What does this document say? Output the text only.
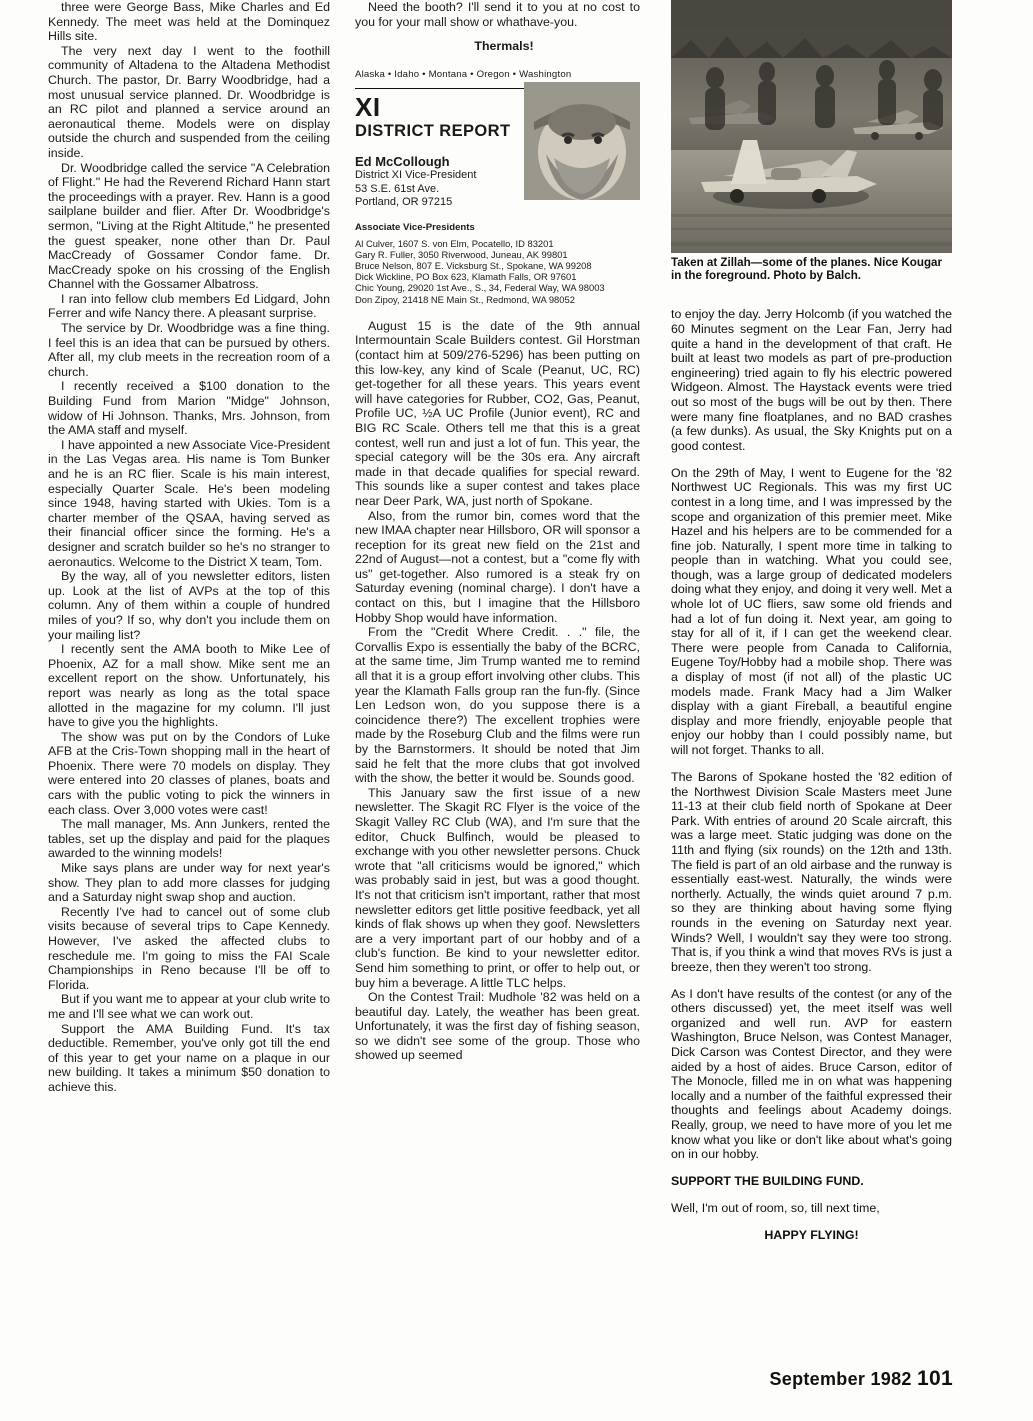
Taken at Zillah—some of the planes. Nice Kougar in the foreground. Photo by Balch.

three were George Bass, Mike Charles and Ed Kennedy. The meet was held at the Dominquez Hills site.

The very next day I went to the foothill community of Altadena to the Altadena Methodist Church. The pastor, Dr. Barry Woodbridge, had a most unusual service planned. Dr. Woodbridge is an RC pilot and planned a service around an aeronautical theme. Models were on display outside the church and suspended from the ceiling inside.

Dr. Woodbridge called the service "A Celebration of Flight." He had the Reverend Richard Hann start the proceedings with a prayer. Rev. Hann is a good sailplane builder and flier. After Dr. Woodbridge's sermon, "Living at the Right Altitude," he presented the guest speaker, none other than Dr. Paul MacCready of Gossamer Condor fame. Dr. MacCready spoke on his crossing of the English Channel with the Gossamer Albatross.

I ran into fellow club members Ed Lidgard, John Ferrer and wife Nancy there. A pleasant surprise.

The service by Dr. Woodbridge was a fine thing. I feel this is an idea that can be pursued by others. After all, my club meets in the recreation room of a church.

I recently received a $100 donation to the Building Fund from Marion "Midge" Johnson, widow of Hi Johnson. Thanks, Mrs. Johnson, from the AMA staff and myself.

I have appointed a new Associate Vice-President in the Las Vegas area. His name is Tom Bunker and he is an RC flier. Scale is his main interest, especially Quarter Scale. He's been modeling since 1948, having started with Ukies. Tom is a charter member of the QSAA, having served as their financial officer since the forming. He's a designer and scratch builder so he's no stranger to aeronautics. Welcome to the District X team, Tom.

By the way, all of you newsletter editors, listen up. Look at the list of AVPs at the top of this column. Any of them within a couple of hundred miles of you? If so, why don't you include them on your mailing list?

I recently sent the AMA booth to Mike Lee of Phoenix, AZ for a mall show. Mike sent me an excellent report on the show. Unfortunately, his report was nearly as long as the total space allotted in the magazine for my column. I'll just have to give you the highlights.

The show was put on by the Condors of Luke AFB at the Cris-Town shopping mall in the heart of Phoenix. There were 70 models on display. They were entered into 20 classes of planes, boats and cars with the public voting to pick the winners in each class. Over 3,000 votes were cast!

The mall manager, Ms. Ann Junkers, rented the tables, set up the display and paid for the plaques awarded to the winning models!

Mike says plans are under way for next year's show. They plan to add more classes for judging and a Saturday night swap shop and auction.

Recently I've had to cancel out of some club visits because of several trips to Cape Kennedy. However, I've asked the affected clubs to reschedule me. I'm going to miss the FAI Scale Championships in Reno because I'll be off to Florida.

But if you want me to appear at your club write to me and I'll see what we can work out.

Support the AMA Building Fund. It's tax deductible. Remember, you've only got till the end of this year to get your name on a plaque in our new building. It takes a minimum $50 donation to achieve this.

Need the booth? I'll send it to you at no cost to you for your mall show or whathave-you.

Thermals!

Alaska • Idaho • Montana • Oregon • Washington
XI
DISTRICT REPORT
Ed McCollough
District XI Vice-President
53 S.E. 61st Ave.
Portland, OR 97215
Associate Vice-Presidents
Al Culver, 1607 S. von Elm, Pocatello, ID 83201
Gary R. Fuller, 3050 Riverwood, Juneau, AK 99801
Bruce Nelson, 807 E. Vicksburg St., Spokane, WA 99208
Dick Wickline, PO Box 623, Klamath Falls, OR 97601
Chic Young, 29020 1st Ave., S., 34, Federal Way, WA 98003
Don Zipoy, 21418 NE Main St., Redmond, WA 98052

August 15 is the date of the 9th annual Intermountain Scale Builders contest. Gil Horstman (contact him at 509/276-5296) has been putting on this low-key, any kind of Scale (Peanut, UC, RC) get-together for all these years. This years event will have categories for Rubber, CO2, Gas, Peanut, Profile UC, ½A UC Profile (Junior event), RC and BIG RC Scale. Others tell me that this is a great contest, well run and just a lot of fun. This year, the special category will be the 30s era. Any aircraft made in that decade qualifies for special reward. This sounds like a super contest and takes place near Deer Park, WA, just north of Spokane.

Also, from the rumor bin, comes word that the new IMAA chapter near Hillsboro, OR will sponsor a reception for its great new field on the 21st and 22nd of August—not a contest, but a "come fly with us" get-together. Also rumored is a steak fry on Saturday evening (nominal charge). I don't have a contact on this, but I imagine that the Hillsboro Hobby Shop would have information.

From the "Credit Where Credit. . ." file, the Corvallis Expo is essentially the baby of the BCRC, at the same time, Jim Trump wanted me to remind all that it is a group effort involving other clubs. This year the Klamath Falls group ran the fun-fly. (Since Len Ledson won, do you suppose there is a coincidence there?) The excellent trophies were made by the Roseburg Club and the films were run by the Barnstormers. It should be noted that Jim said he felt that the more clubs that got involved with the show, the better it would be. Sounds good.

This January saw the first issue of a new newsletter. The Skagit RC Flyer is the voice of the Skagit Valley RC Club (WA), and I'm sure that the editor, Chuck Bulfinch, would be pleased to exchange with you other newsletter persons. Chuck wrote that "all criticisms would be ignored," which was probably said in jest, but was a good thought. It's not that criticism isn't important, rather that most newsletter editors get little positive feedback, yet all kinds of flak shows up when they goof. Newsletters are a very important part of our hobby and of a club's function. Be kind to your newsletter editor. Send him something to print, or offer to help out, or buy him a beverage. A little TLC helps.

On the Contest Trail: Mudhole '82 was held on a beautiful day. Lately, the weather has been great. Unfortunately, it was the first day of fishing season, so we didn't see some of the group. Those who showed up seemed

to enjoy the day. Jerry Holcomb (if you watched the 60 Minutes segment on the Lear Fan, Jerry had quite a hand in the development of that craft. He built at least two models as part of pre-production engineering) tried again to fly his electric powered Widgeon. Almost. The Haystack events were tried out so most of the bugs will be out by then. There were many fine floatplanes, and no BAD crashes (a few dunks). As usual, the Sky Knights put on a good contest.

On the 29th of May, I went to Eugene for the '82 Northwest UC Regionals. This was my first UC contest in a long time, and I was impressed by the scope and organization of this premier meet. Mike Hazel and his helpers are to be commended for a fine job. Naturally, I spent more time in talking to people than in watching. What you could see, though, was a large group of dedicated modelers doing what they enjoy, and doing it very well. Met a whole lot of UC fliers, saw some old friends and had a lot of fun doing it. Next year, am going to stay for all of it, if I can get the weekend clear. There were people from Canada to California, Eugene Toy/Hobby had a mobile shop. There was a display of most (if not all) of the plastic UC models made. Frank Macy had a Jim Walker display with a giant Fireball, a beautiful engine display and more friendly, enjoyable people that enjoy our hobby than I could possibly name, but will not forget. Thanks to all.

The Barons of Spokane hosted the '82 edition of the Northwest Division Scale Masters meet June 11-13 at their club field north of Spokane at Deer Park. With entries of around 20 Scale aircraft, this was a large meet. Static judging was done on the 11th and flying (six rounds) on the 12th and 13th. The field is part of an old airbase and the runway is essentially east-west. Naturally, the winds were northerly. Actually, the winds quiet around 7 p.m. so they are thinking about having some flying rounds in the evening on Saturday next year. Winds? Well, I wouldn't say they were too strong. That is, if you think a wind that moves RVs is just a breeze, then they weren't too strong.

As I don't have results of the contest (or any of the others discussed) yet, the meet itself was well organized and well run. AVP for eastern Washington, Bruce Nelson, was Contest Manager, Dick Carson was Contest Director, and they were aided by a host of aides. Bruce Carson, editor of The Monocle, filled me in on what was happening locally and a number of the faithful expressed their thoughts and feelings about Academy doings. Really, group, we need to have more of you let me know what you like or don't like about what's going on in our hobby.

SUPPORT THE BUILDING FUND.

Well, I'm out of room, so, till next time,

HAPPY FLYING!

September 1982 101
